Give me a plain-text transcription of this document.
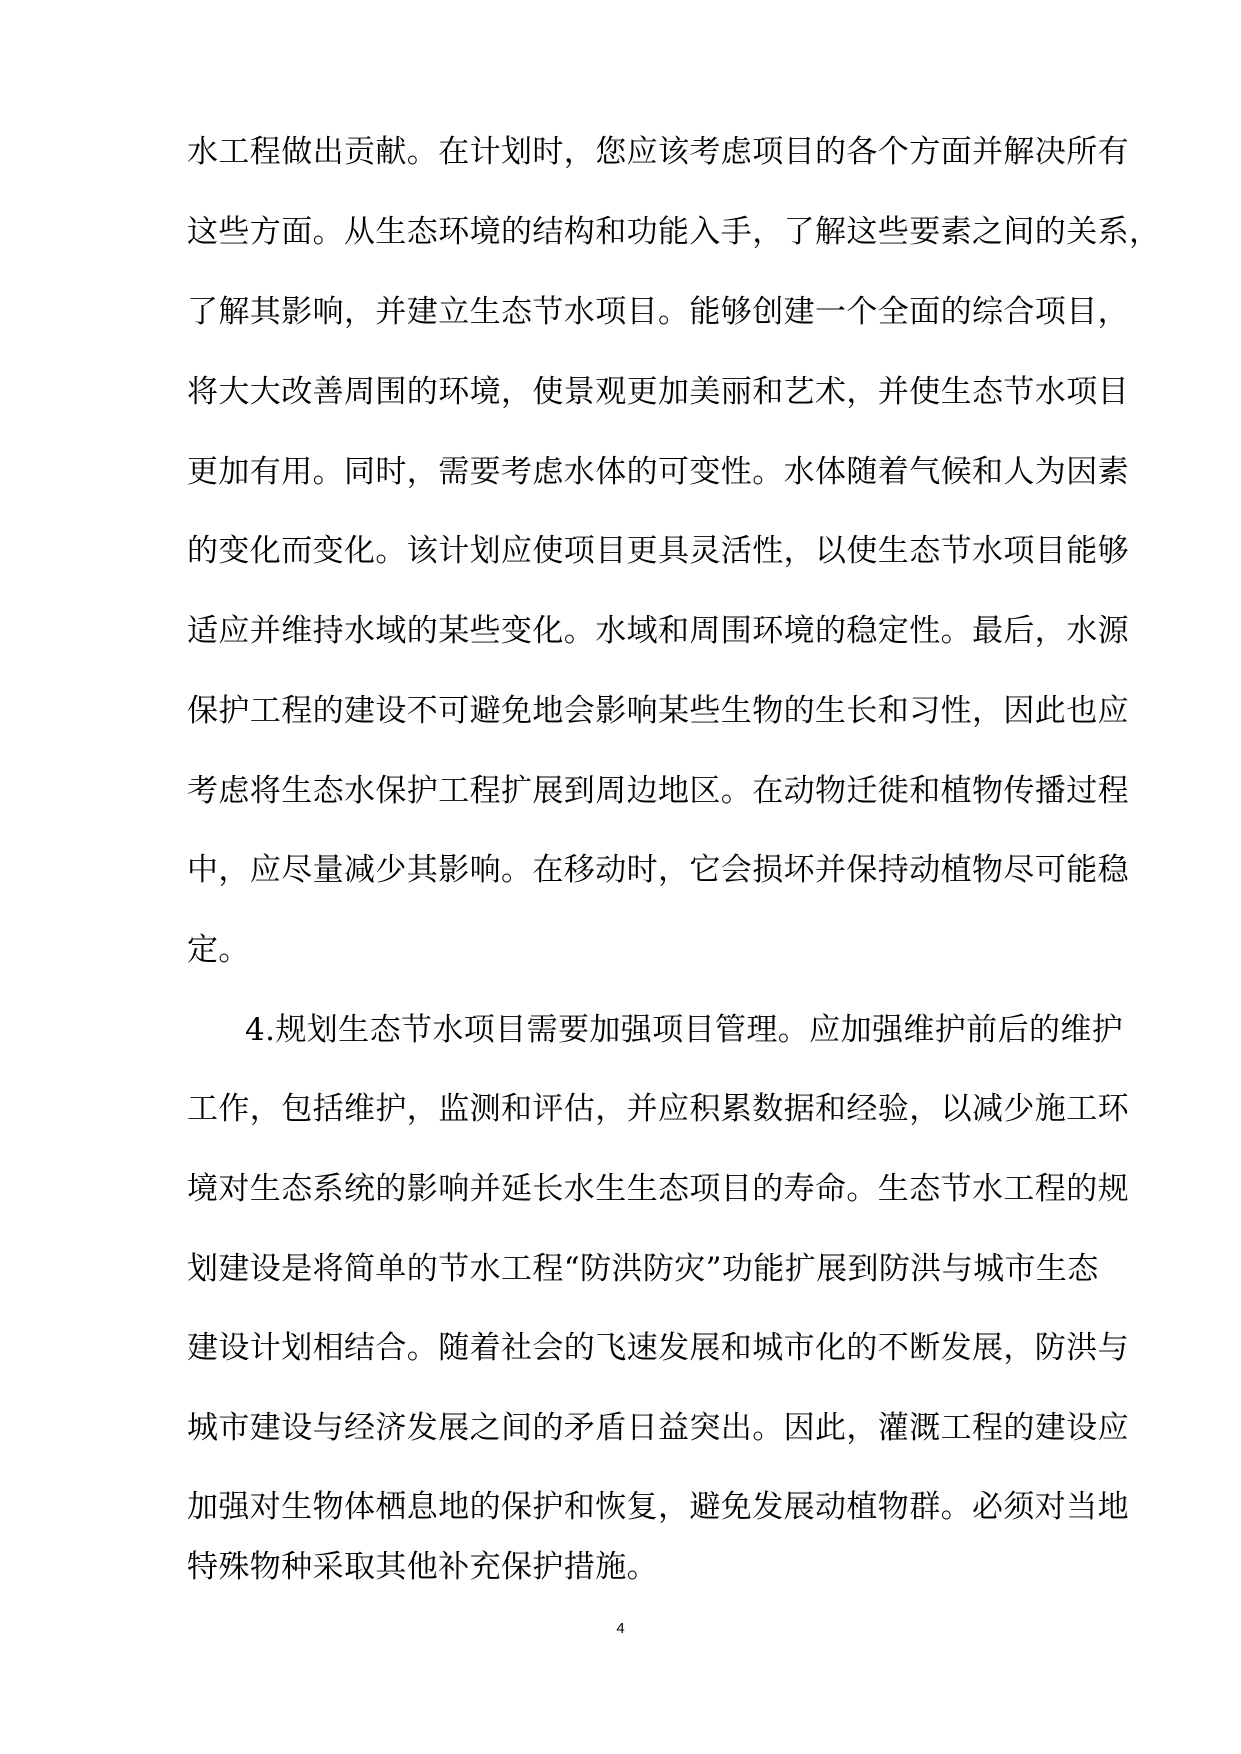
水工程做出贡献。在计划时，您应该考虑项目的各个方面并解决所有
这些方面。从生态环境的结构和功能入手，了解这些要素之间的关系，
了解其影响，并建立生态节水项目。能够创建一个全面的综合项目，
将大大改善周围的环境，使景观更加美丽和艺术，并使生态节水项目
更加有用。同时，需要考虑水体的可变性。水体随着气候和人为因素
的变化而变化。该计划应使项目更具灵活性，以使生态节水项目能够
适应并维持水域的某些变化。水域和周围环境的稳定性。最后，水源
保护工程的建设不可避免地会影响某些生物的生长和习性，因此也应
考虑将生态水保护工程扩展到周边地区。在动物迁徙和植物传播过程
中，应尽量减少其影响。在移动时，它会损坏并保持动植物尽可能稳
定。
4.规划生态节水项目需要加强项目管理。应加强维护前后的维护
工作，包括维护，监测和评估，并应积累数据和经验，以减少施工环
境对生态系统的影响并延长水生生态项目的寿命。生态节水工程的规
划建设是将简单的节水工程“防洪防灾”功能扩展到防洪与城市生态
建设计划相结合。随着社会的飞速发展和城市化的不断发展，防洪与
城市建设与经济发展之间的矛盾日益突出。因此，灌溉工程的建设应
加强对生物体栖息地的保护和恢复，避免发展动植物群。必须对当地
特殊物种采取其他补充保护措施。
4
